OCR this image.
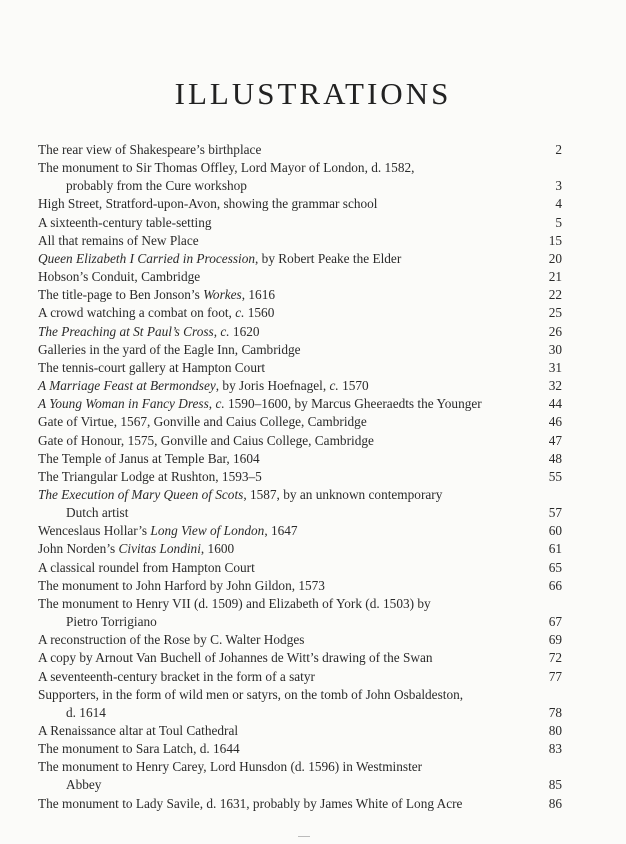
ILLUSTRATIONS
The rear view of Shakespeare’s birthplace	2
The monument to Sir Thomas Offley, Lord Mayor of London, d. 1582,
probably from the Cure workshop	3
High Street, Stratford-upon-Avon, showing the grammar school	4
A sixteenth-century table-setting	5
All that remains of New Place	15
Queen Elizabeth I Carried in Procession, by Robert Peake the Elder	20
Hobson’s Conduit, Cambridge	21
The title-page to Ben Jonson’s Workes, 1616	22
A crowd watching a combat on foot, c. 1560	25
The Preaching at St Paul’s Cross, c. 1620	26
Galleries in the yard of the Eagle Inn, Cambridge	30
The tennis-court gallery at Hampton Court	31
A Marriage Feast at Bermondsey, by Joris Hoefnagel, c. 1570	32
A Young Woman in Fancy Dress, c. 1590–1600, by Marcus Gheeraedts the Younger	44
Gate of Virtue, 1567, Gonville and Caius College, Cambridge	46
Gate of Honour, 1575, Gonville and Caius College, Cambridge	47
The Temple of Janus at Temple Bar, 1604	48
The Triangular Lodge at Rushton, 1593–5	55
The Execution of Mary Queen of Scots, 1587, by an unknown contemporary
Dutch artist	57
Wenceslaus Hollar’s Long View of London, 1647	60
John Norden’s Civitas Londini, 1600	61
A classical roundel from Hampton Court	65
The monument to John Harford by John Gildon, 1573	66
The monument to Henry VII (d. 1509) and Elizabeth of York (d. 1503) by
Pietro Torrigiano	67
A reconstruction of the Rose by C. Walter Hodges	69
A copy by Arnout Van Buchell of Johannes de Witt’s drawing of the Swan	72
A seventeenth-century bracket in the form of a satyr	77
Supporters, in the form of wild men or satyrs, on the tomb of John Osbaldeston,
d. 1614	78
A Renaissance altar at Toul Cathedral	80
The monument to Sara Latch, d. 1644	83
The monument to Henry Carey, Lord Hunsdon (d. 1596) in Westminster
Abbey	85
The monument to Lady Savile, d. 1631, probably by James White of Long Acre	86
